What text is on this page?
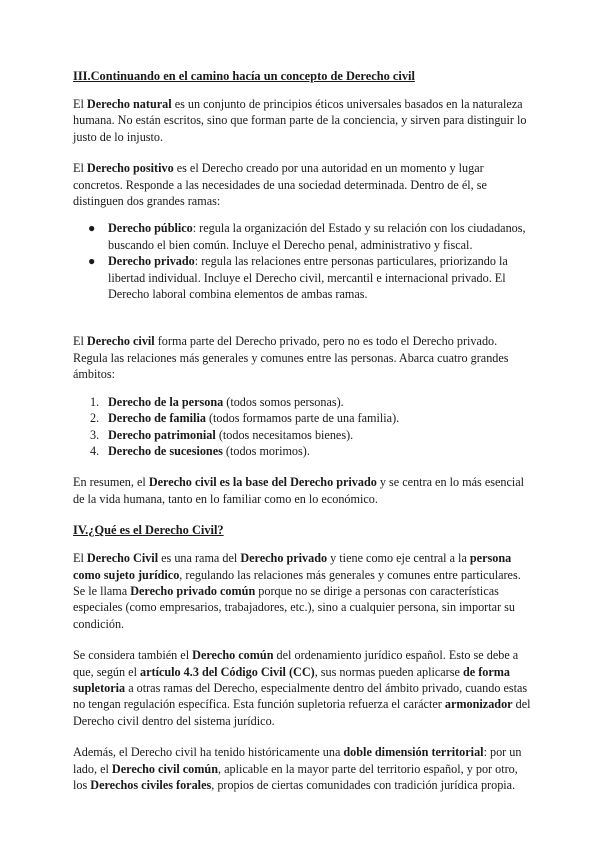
III.Continuando en el camino hacía un concepto de Derecho civil

El Derecho natural es un conjunto de principios éticos universales basados en la naturaleza humana. No están escritos, sino que forman parte de la conciencia, y sirven para distinguir lo justo de lo injusto.

El Derecho positivo es el Derecho creado por una autoridad en un momento y lugar concretos. Responde a las necesidades de una sociedad determinada. Dentro de él, se distinguen dos grandes ramas:

● Derecho público: regula la organización del Estado y su relación con los ciudadanos, buscando el bien común. Incluye el Derecho penal, administrativo y fiscal.
● Derecho privado: regula las relaciones entre personas particulares, priorizando la libertad individual. Incluye el Derecho civil, mercantil e internacional privado. El Derecho laboral combina elementos de ambas ramas.

El Derecho civil forma parte del Derecho privado, pero no es todo el Derecho privado. Regula las relaciones más generales y comunes entre las personas. Abarca cuatro grandes ámbitos:

1. Derecho de la persona (todos somos personas).
2. Derecho de familia (todos formamos parte de una familia).
3. Derecho patrimonial (todos necesitamos bienes).
4. Derecho de sucesiones (todos morimos).

En resumen, el Derecho civil es la base del Derecho privado y se centra en lo más esencial de la vida humana, tanto en lo familiar como en lo económico.

IV.¿Qué es el Derecho Civil?

El Derecho Civil es una rama del Derecho privado y tiene como eje central a la persona como sujeto jurídico, regulando las relaciones más generales y comunes entre particulares. Se le llama Derecho privado común porque no se dirige a personas con características especiales (como empresarios, trabajadores, etc.), sino a cualquier persona, sin importar su condición.

Se considera también el Derecho común del ordenamiento jurídico español. Esto se debe a que, según el artículo 4.3 del Código Civil (CC), sus normas pueden aplicarse de forma supletoria a otras ramas del Derecho, especialmente dentro del ámbito privado, cuando estas no tengan regulación específica. Esta función supletoria refuerza el carácter armonizador del Derecho civil dentro del sistema jurídico.

Además, el Derecho civil ha tenido históricamente una doble dimensión territorial: por un lado, el Derecho civil común, aplicable en la mayor parte del territorio español, y por otro, los Derechos civiles forales, propios de ciertas comunidades con tradición jurídica propia.
